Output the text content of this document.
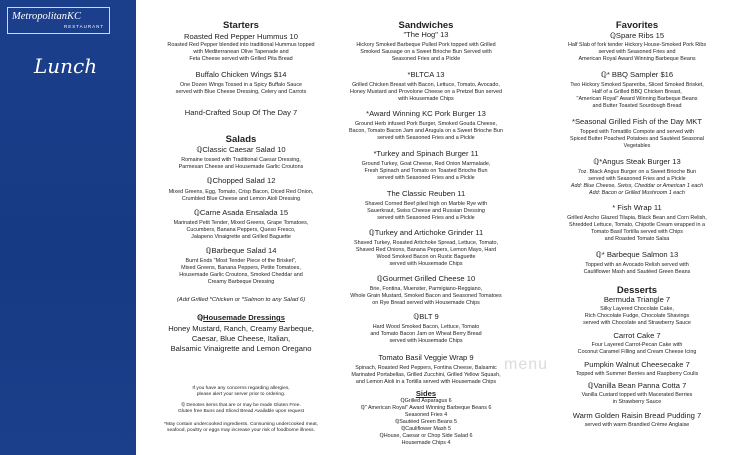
MetropolitanKC
RESTAURANT
Lunch
Starters
Roasted Red Pepper Hummus 10
Roasted Red Pepper blended into traditional Hummus topped
with Mediterranean Olive Tapenade and
Feta Cheese served with Grilled Pita Bread
Buffalo Chicken Wings $14
One Dozen Wings Tossed in a Spicy Buffalo Sauce
served with Blue Cheese Dressing, Celery and Carrots
Hand-Crafted Soup Of The Day 7
Salads
ℚClassic Caesar Salad 10
Romaine tossed with Traditional Caesar Dressing,
Parmesan Cheese and Housemade Garlic Croutons
ℚChopped Salad 12
Mixed Greens, Egg, Tomato, Crisp Bacon, Diced Red Onion,
Crumbled Blue Cheese and Lemon Aioli Dressing
ℚCarne Asada Ensalada 15
Marinated Petit Tender, Mixed Greens, Grape Tomatoes,
Cucumbers, Banana Peppers, Queso Fresco,
Jalapeno Vinaigrette and Grilled Baguette
ℚBarbeque Salad 14
Burnt Ends "Most Tender Piece of the Brisket",
Mixed Greens, Banana Peppers, Petite Tomatoes,
Housemade Garlic Croutons, Smoked Cheddar and
Creamy Barbeque Dressing
(Add Grilled *Chicken or *Salmon to any Salad 6)
ℚHousemade Dressings
Honey Mustard, Ranch, Creamy Barbeque,
Caesar, Blue Cheese, Italian,
Balsamic Vinaigrette and Lemon Oregano
If you have any concerns regarding allergies,
please alert your server prior to ordering.
ℚ Denotes items that are or may be made Gluten Free.
Gluten free Buns and Sliced Bread Available upon request
*May contain undercooked ingredients. Consuming undercooked meat,
seafood, poultry or eggs may increase your risk of foodborne illness.
Sandwiches
"The Hog" 13
Hickory Smoked Barbeque Pulled Pork topped with Grilled
Smoked Sausage on a Sweet Brioche Bun Served with
Seasoned Fries and a Pickle
*BLTCA 13
Grilled Chicken Breast with Bacon, Lettuce, Tomato, Avocado,
Honey Mustard and Provolone Cheese on a Pretzel Bun served
with Housemade Chips
*Award Winning KC Pork Burger 13
Ground Herb infused Pork Burger, Smoked Gouda Cheese,
Bacon, Tomato Bacon Jam and Arugula on a Sweet Brioche Bun
served with Seasoned Fries and a Pickle
*Turkey and Spinach Burger 11
Ground Turkey, Goat Cheese, Red Onion Marmalade,
Fresh Spinach and Tomato on Toasted Brioche Bun
served with Seasoned Fries and a Pickle
The Classic Reuben 11
Shaved Corned Beef piled high on Marble Rye with
Sauerkraut, Swiss Cheese and Russian Dressing
served with Seasoned Fries and a Pickle
ℚTurkey and Artichoke Grinder 11
Shaved Turkey, Roasted Artichoke Spread, Lettuce, Tomato,
Shaved Red Onions, Banana Peppers, Lemon Mayo, Hard
Wood Smoked Bacon on Rustic Baguette
served with Housemade Chips
ℚGourmet Grilled Cheese 10
Brie, Fontina, Muenster, Parmigiano-Reggiano,
Whole Grain Mustard, Smoked Bacon and Seasoned Tomatoes
on Rye Bread served with Housemade Chips
ℚBLT 9
Hard Wood Smoked Bacon, Lettuce, Tomato
and Tomato Bacon Jam on Wheat Berry Bread
served with Housemade Chips
Tomato Basil Veggie Wrap 9
Spinach, Roasted Red Peppers, Fontina Cheese, Balsamic
Marinated Portabellas, Grilled Zucchini, Grilled Yellow Squash,
and Lemon Aioli in a Tortilla served with Housemade Chips
Sides
ℚGrilled Asparagus 6
ℚ" American Royal" Award Winning Barbeque Beans 6
Seasoned Fries 4
ℚSautéed Green Beans 5
ℚCauliflower Mash 5
ℚHouse, Caesar or Chop Side Salad 6
Housemade Chips 4
Favorites
ℚSpare Ribs 15
Half Slab of fork tender Hickory House-Smoked Pork Ribs
served with Seasoned Fries and
American Royal Award Winning Barbeque Beans
ℚ* BBQ Sampler $16
Two Hickory Smoked Spareribs, Sliced Smoked Brisket,
Half of a Grilled BBQ Chicken Breast,
"American Royal" Award Winning Barbeque Beans
and Butter Toasted Sourdough Bread
*Seasonal Grilled Fish of the Day MKT
Topped with Tomatillo Compote and served with
Spiced Butter Poached Potatoes and Sautéed Seasonal
Vegetables
ℚ*Angus Steak Burger 13
7oz. Black Angus Burger on a Sweet Brioche Bun
served with Seasoned Fries and a Pickle
Add: Blue Cheese, Swiss, Cheddar or American 1 each
Add: Bacon or Grilled Mushroom 1 each
* Fish Wrap 11
Grilled Ancho Glazed Tilapia, Black Bean and Corn Relish,
Shredded Lettuce, Tomato, Chipotle Cream wrapped in a
Tomato Basil Tortilla served with Chips
and Roasted Tomato Salsa
ℚ* Barbeque Salmon 13
Topped with an Avocado Relish served with
Cauliflower Mash and Sautéed Green Beans
Desserts
Bermuda Triangle 7
Silky Layered Chocolate Cake,
Rich Chocolate Fudge, Chocolate Shavings
served with Chocolate and Strawberry Sauce
Carrot Cake 7
Four Layered Carrot-Pecan Cake with
Coconut Caramel Filling and Cream Cheese Icing
Pumpkin Walnut Cheesecake 7
Topped with Summer Berries and Raspberry Coulis
ℚVanilla Bean Panna Cotta 7
Vanilla Custard topped with Macerated Berries
in Strawberry Sauce
Warm Golden Raisin Bread Pudding 7
served with warm Brandied Crème Anglaise
menu
